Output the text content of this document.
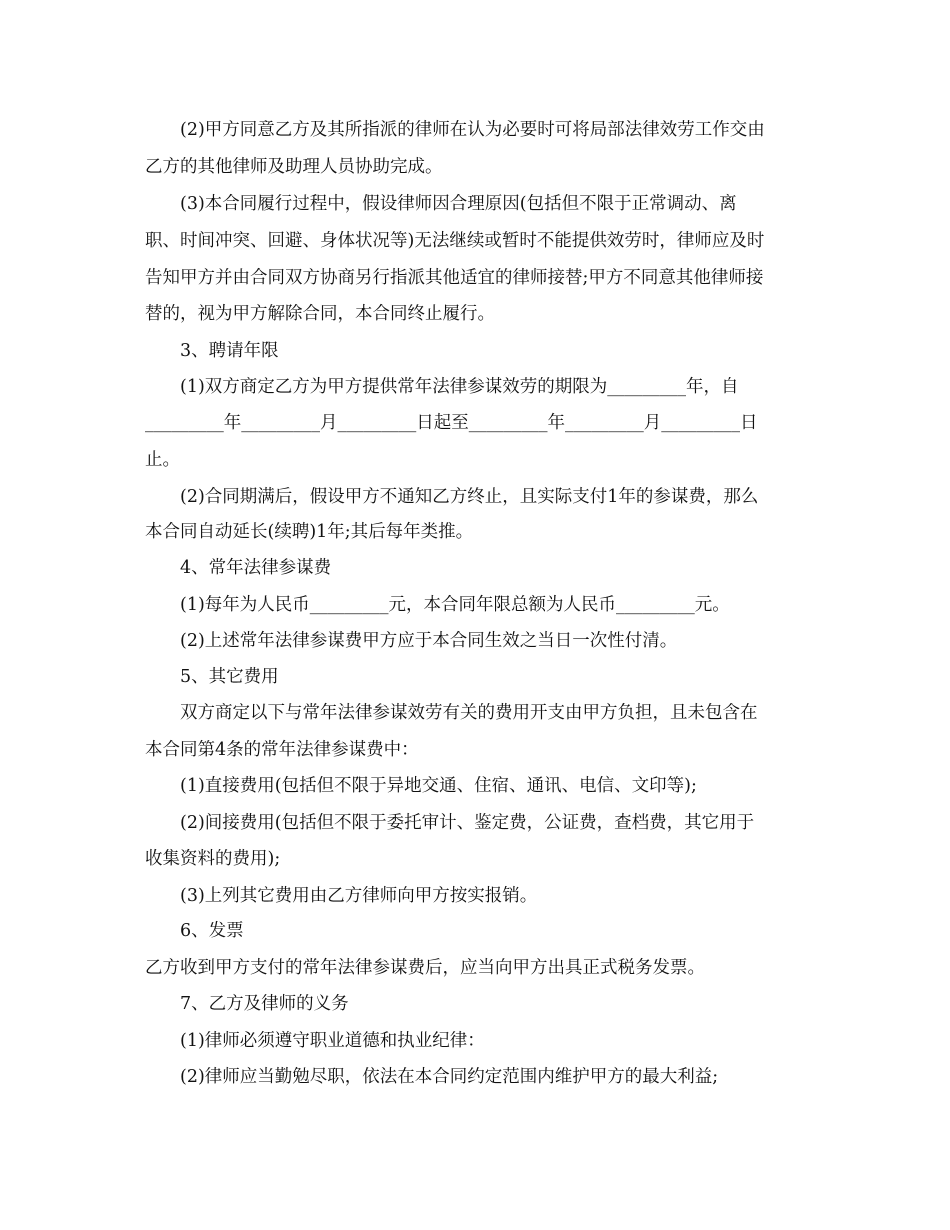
(2)甲方同意乙方及其所指派的律师在认为必要时可将局部法律效劳工作交由
乙方的其他律师及助理人员协助完成。
(3)本合同履行过程中，假设律师因合理原因(包括但不限于正常调动、离
职、时间冲突、回避、身体状况等)无法继续或暂时不能提供效劳时，律师应及时
告知甲方并由合同双方协商另行指派其他适宜的律师接替;甲方不同意其他律师接
替的，视为甲方解除合同，本合同终止履行。
3、聘请年限
(1)双方商定乙方为甲方提供常年法律参谋效劳的期限为_________年，自
_________年_________月_________日起至_________年_________月_________日
止。
(2)合同期满后，假设甲方不通知乙方终止，且实际支付1年的参谋费，那么
本合同自动延长(续聘)1年;其后每年类推。
4、常年法律参谋费
(1)每年为人民币_________元，本合同年限总额为人民币_________元。
(2)上述常年法律参谋费甲方应于本合同生效之当日一次性付清。
5、其它费用
双方商定以下与常年法律参谋效劳有关的费用开支由甲方负担，且未包含在
本合同第4条的常年法律参谋费中：
(1)直接费用(包括但不限于异地交通、住宿、通讯、电信、文印等);
(2)间接费用(包括但不限于委托审计、鉴定费，公证费，查档费，其它用于
收集资料的费用);
(3)上列其它费用由乙方律师向甲方按实报销。
6、发票
乙方收到甲方支付的常年法律参谋费后，应当向甲方出具正式税务发票。
7、乙方及律师的义务
(1)律师必须遵守职业道德和执业纪律：
(2)律师应当勤勉尽职，依法在本合同约定范围内维护甲方的最大利益;
